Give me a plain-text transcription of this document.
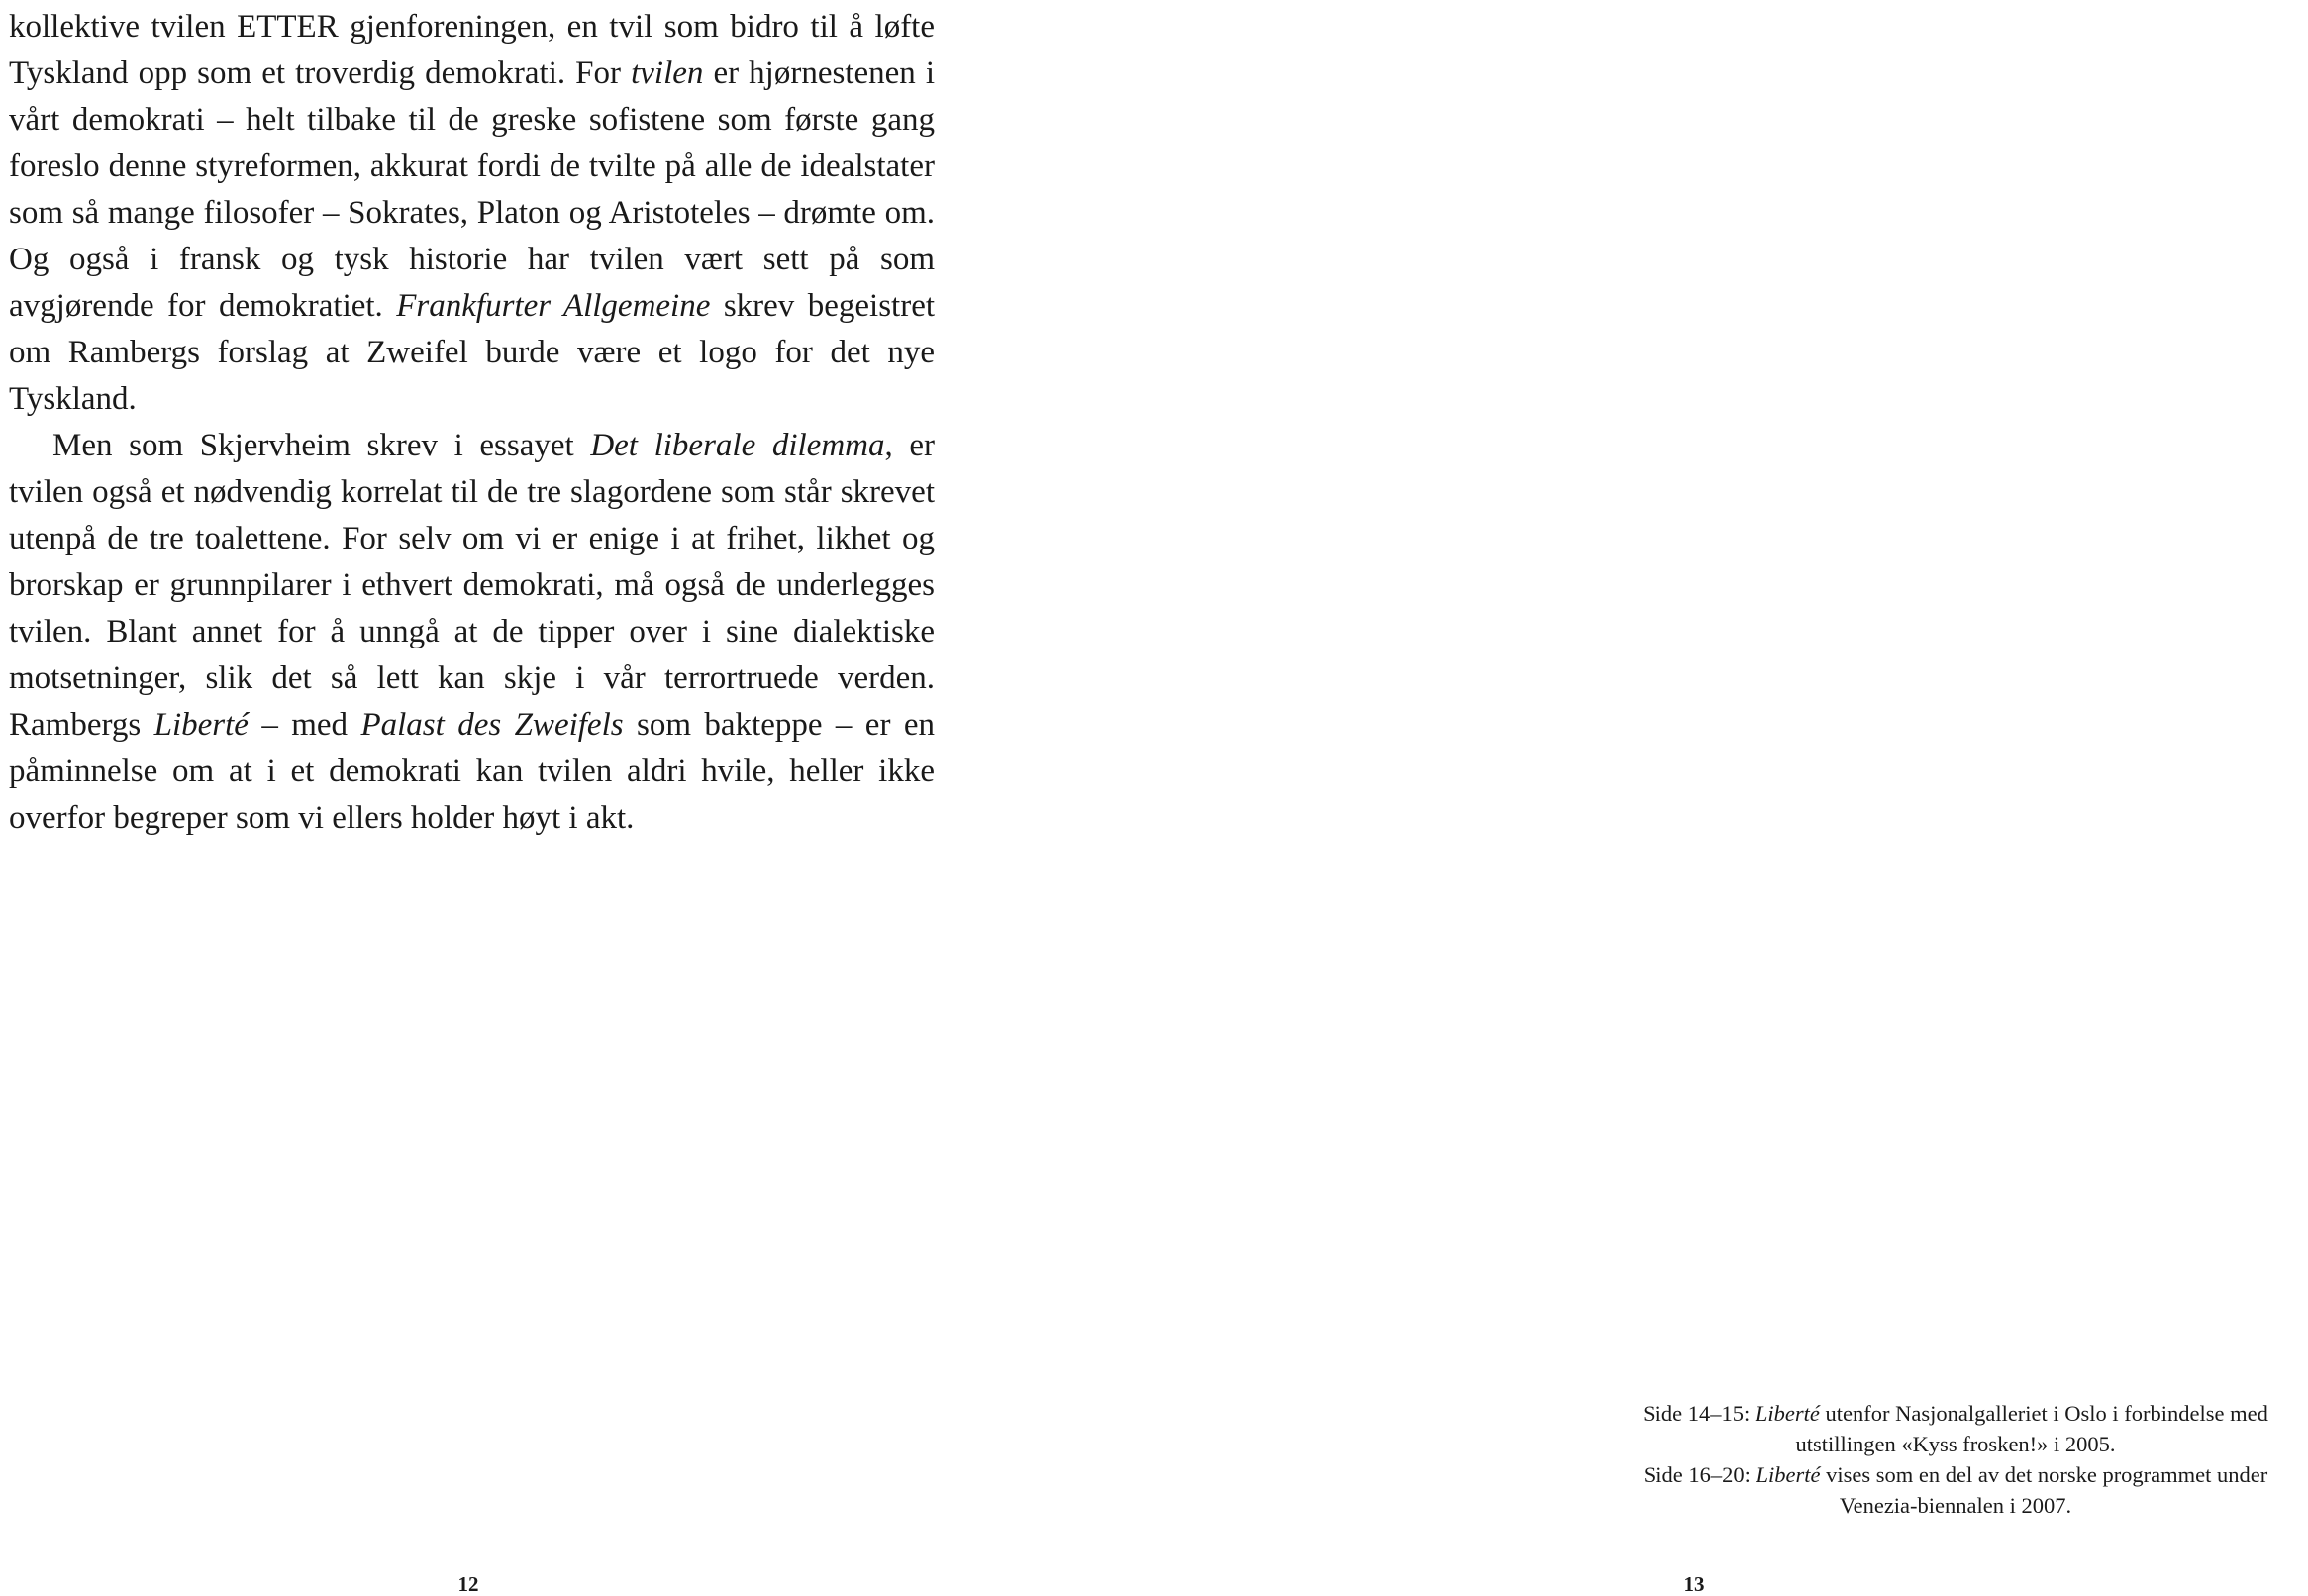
kollektive tvilen ETTER gjenforeningen, en tvil som bidro til å løfte Tyskland opp som et troverdig demokrati. For tvilen er hjørnestenen i vårt demokrati – helt tilbake til de greske sofistene som første gang foreslo denne styreformen, akkurat fordi de tvilte på alle de idealstater som så mange filosofer – Sokrates, Platon og Aristoteles – drømte om. Og også i fransk og tysk historie har tvilen vært sett på som avgjørende for demokratiet. Frankfurter Allgemeine skrev begeistret om Rambergs forslag at Zweifel burde være et logo for det nye Tyskland.

Men som Skjervheim skrev i essayet Det liberale dilemma, er tvilen også et nødvendig korrelat til de tre slagordene som står skrevet utenpå de tre toalettene. For selv om vi er enige i at frihet, likhet og brorskap er grunnpilarer i ethvert demokrati, må også de underlegges tvilen. Blant annet for å unngå at de tipper over i sine dialektiske motsetninger, slik det så lett kan skje i vår terrortruede verden. Rambergs Liberté – med Palast des Zweifels som bakteppe – er en påminnelse om at i et demokrati kan tvilen aldri hvile, heller ikke overfor begreper som vi ellers holder høyt i akt.

12
Side 14–15: Liberté utenfor Nasjonalgalleriet i Oslo i forbindelse med
utstillingen «Kyss frosken!» i 2005.
Side 16–20: Liberté vises som en del av det norske programmet under
Venezia-biennalen i 2007.
13
